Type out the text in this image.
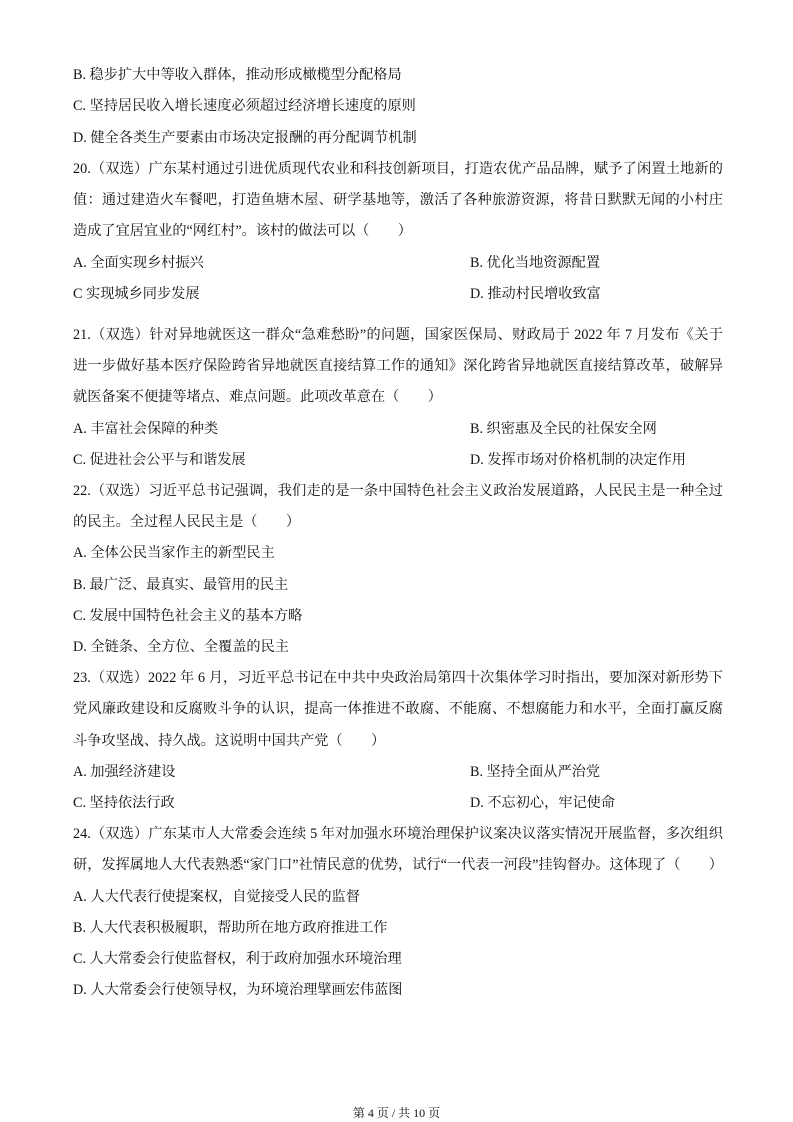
B. 稳步扩大中等收入群体，推动形成橄榄型分配格局
C. 坚持居民收入增长速度必须超过经济增长速度的原则
D. 健全各类生产要素由市场决定报酬的再分配调节机制
20.（双选）广东某村通过引进优质现代农业和科技创新项目，打造农优产品品牌，赋予了闲置土地新的
值：通过建造火车餐吧，打造鱼塘木屋、研学基地等，激活了各种旅游资源，将昔日默默无闻的小村庄
造成了宜居宜业的“网红村”。该村的做法可以（　　）
A. 全面实现乡村振兴	B. 优化当地资源配置
C 实现城乡同步发展	D. 推动村民增收致富
21.（双选）针对异地就医这一群众“急难愁盼”的问题，国家医保局、财政局于 2022 年 7 月发布《关于
进一步做好基本医疗保险跨省异地就医直接结算工作的通知》深化跨省异地就医直接结算改革，破解异
就医备案不便捷等堵点、难点问题。此项改革意在（　　）
A. 丰富社会保障的种类	B. 织密惠及全民的社保安全网
C. 促进社会公平与和谐发展	D. 发挥市场对价格机制的决定作用
22.（双选）习近平总书记强调，我们走的是一条中国特色社会主义政治发展道路，人民民主是一种全过
的民主。全过程人民民主是（　　）
A. 全体公民当家作主的新型民主
B. 最广泛、最真实、最管用的民主
C. 发展中国特色社会主义的基本方略
D. 全链条、全方位、全覆盖的民主
23.（双选）2022 年 6 月，习近平总书记在中共中央政治局第四十次集体学习时指出，要加深对新形势下
党风廉政建设和反腐败斗争的认识，提高一体推进不敢腐、不能腐、不想腐能力和水平，全面打赢反腐
斗争攻坚战、持久战。这说明中国共产党（　　）
A. 加强经济建设	B. 坚持全面从严治党
C. 坚持依法行政	D. 不忘初心，牢记使命
24.（双选）广东某市人大常委会连续 5 年对加强水环境治理保护议案决议落实情况开展监督，多次组织
研，发挥属地人大代表熟悉“家门口”社情民意的优势，试行“一代表一河段”挂钩督办。这体现了（　　）
A. 人大代表行使提案权，自觉接受人民的监督
B. 人大代表积极履职，帮助所在地方政府推进工作
C. 人大常委会行使监督权，利于政府加强水环境治理
D. 人大常委会行使领导权，为环境治理擘画宏伟蓝图
第 4 页 / 共 10 页
